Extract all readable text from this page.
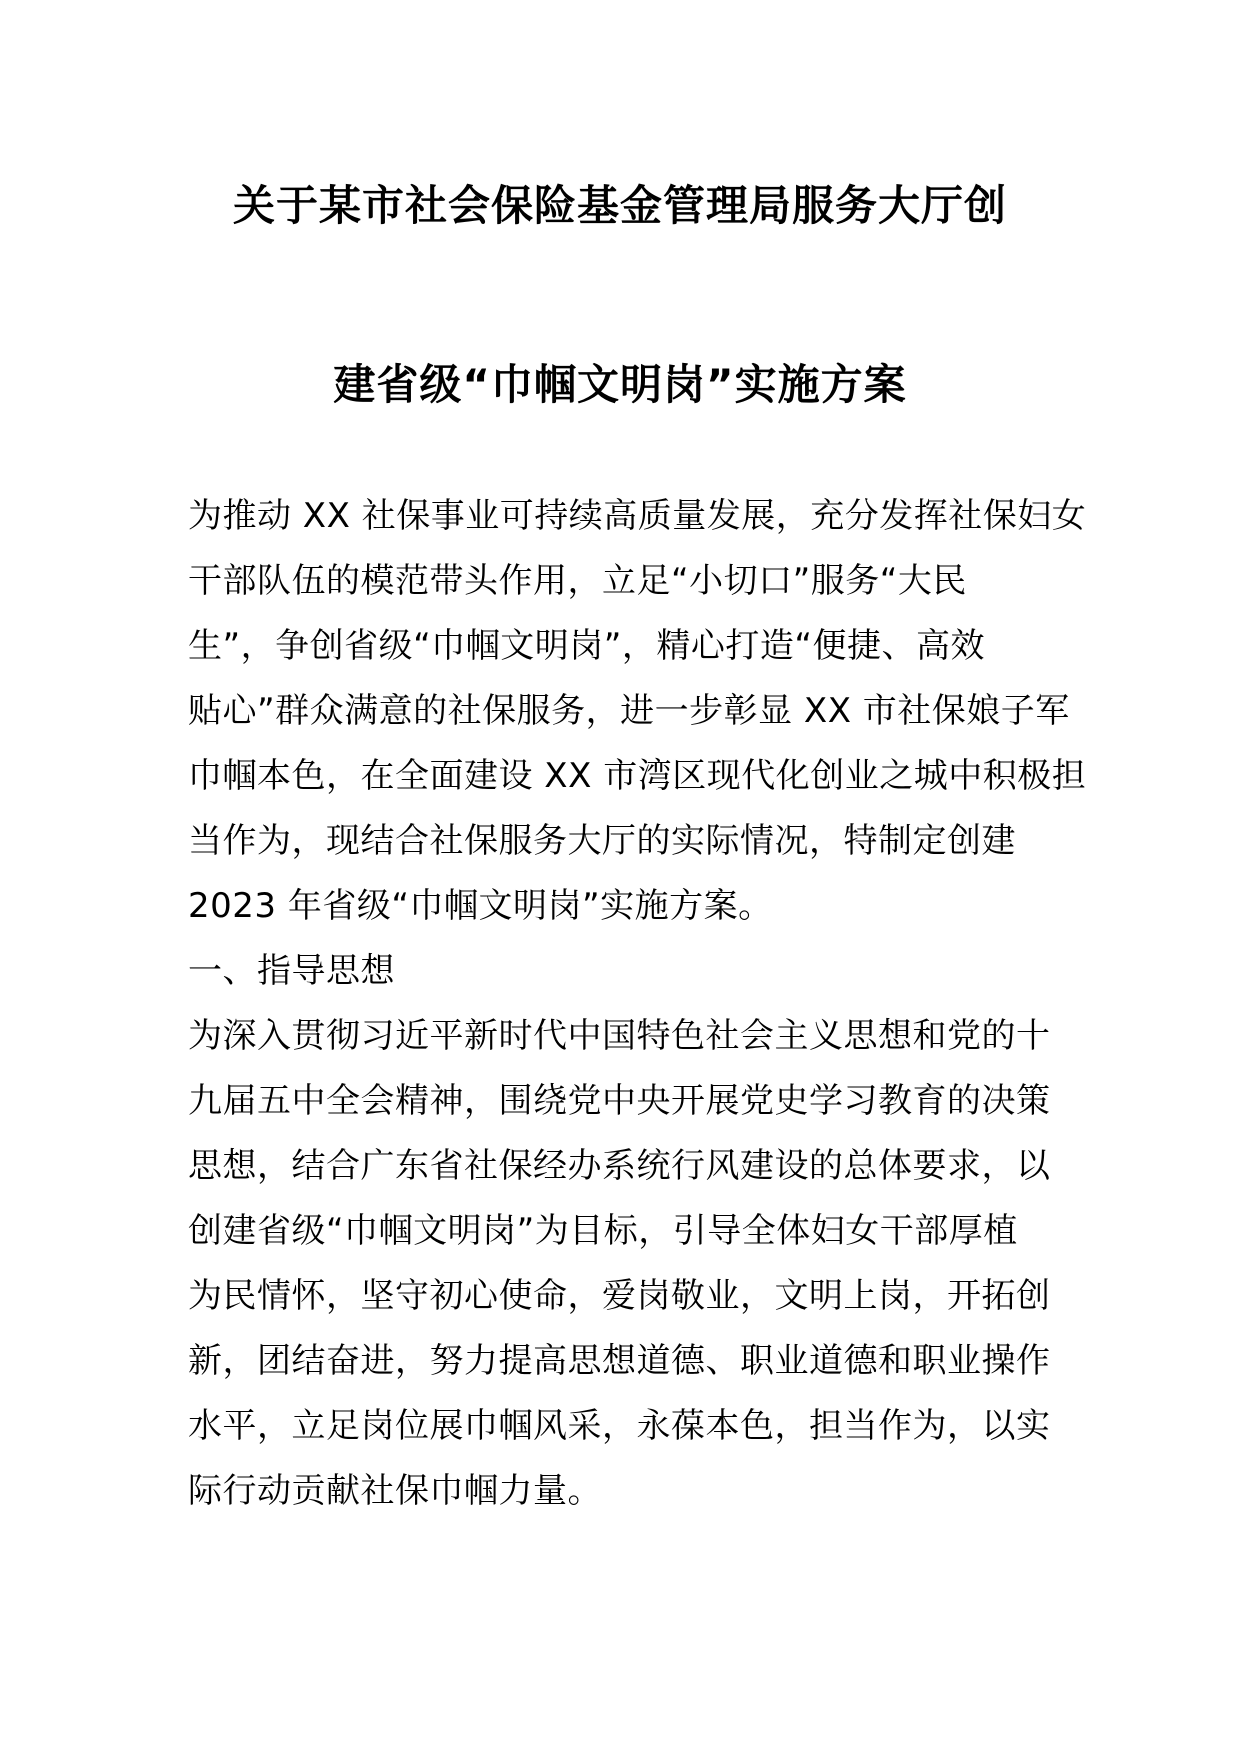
关于某市社会保险基金管理局服务大厅创
建省级“巾帼文明岗”实施方案
为推动 XX 社保事业可持续高质量发展，充分发挥社保妇女
干部队伍的模范带头作用，立足“小切口”服务“大民
生”，争创省级“巾帼文明岗”，精心打造“便捷、高效
贴心”群众满意的社保服务，进一步彰显 XX 市社保娘子军
巾帼本色，在全面建设 XX 市湾区现代化创业之城中积极担
当作为，现结合社保服务大厅的实际情况，特制定创建
2023 年省级“巾帼文明岗”实施方案。
一、指导思想
为深入贯彻习近平新时代中国特色社会主义思想和党的十
九届五中全会精神，围绕党中央开展党史学习教育的决策
思想，结合广东省社保经办系统行风建设的总体要求，以
创建省级“巾帼文明岗”为目标，引导全体妇女干部厚植
为民情怀，坚守初心使命，爱岗敬业，文明上岗，开拓创
新，团结奋进，努力提高思想道德、职业道德和职业操作
水平，立足岗位展巾帼风采，永葆本色，担当作为，以实
际行动贡献社保巾帼力量。
